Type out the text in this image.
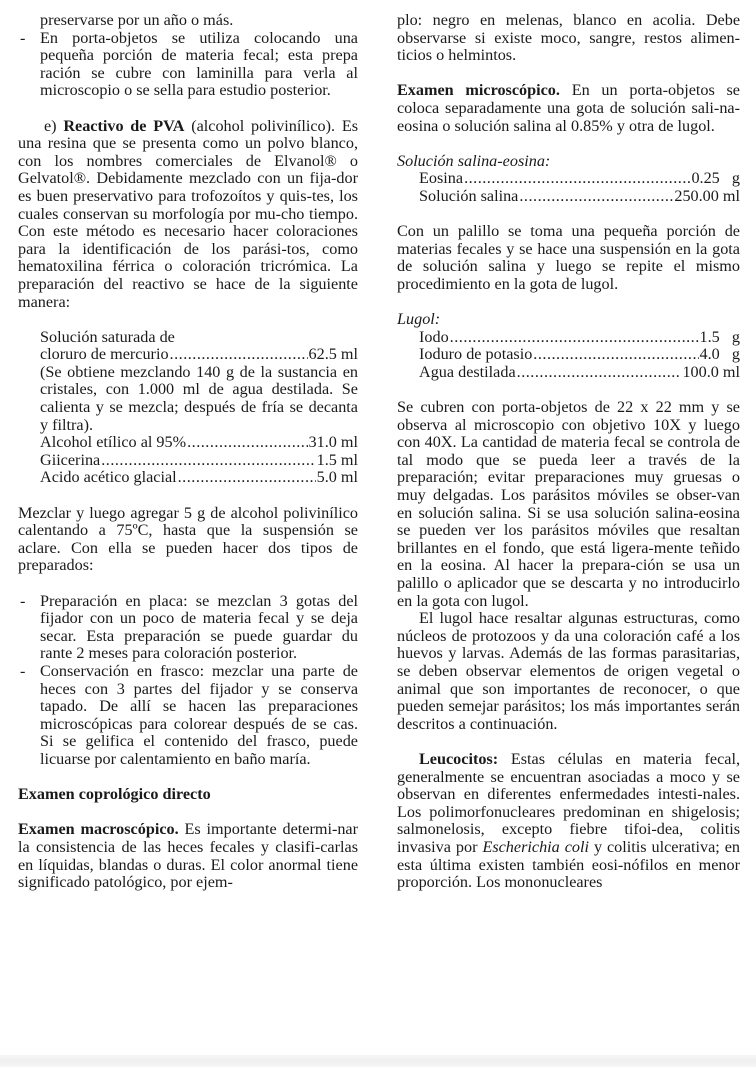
preservarse por un año o más.

- En porta-objetos se utiliza colocando una pequeña porción de materia fecal; esta prepa ración se cubre con laminilla para verla al microscopio o se sella para estudio posterior.

e) Reactivo de PVA (alcohol polivinílico). Es una resina que se presenta como un polvo blanco, con los nombres comerciales de Elvanol® o Gelvatol®. Debidamente mezclado con un fija-dor es buen preservativo para trofozoítos y quis-tes, los cuales conservan su morfología por mu-cho tiempo. Con este método es necesario hacer coloraciones para la identificación de los parási-tos, como hematoxilina férrica o coloración tricrómica. La preparación del reactivo se hace de la siguiente manera:

Solución saturada de
cloruro de mercurio .....	62.5 ml
(Se obtiene mezclando 140 g de la sustancia en cristales, con 1.000 ml de agua destilada. Se calienta y se mezcla; después de fría se decanta y filtra).
Alcohol etílico al 95% .....	31.0 ml
Giicerina .....	1.5 ml
Acido acético glacial .....	5.0 ml

Mezclar y luego agregar 5 g de alcohol polivinílico calentando a 75ºC, hasta que la suspensión se aclare. Con ella se pueden hacer dos tipos de preparados:

- Preparación en placa: se mezclan 3 gotas del fijador con un poco de materia fecal y se deja secar. Esta preparación se puede guardar du rante 2 meses para coloración posterior.
- Conservación en frasco: mezclar una parte de heces con 3 partes del fijador y se conserva tapado. De allí se hacen las preparaciones microscópicas para colorear después de se cas. Si se gelifica el contenido del frasco, puede licuarse por calentamiento en baño maría.

Examen coprológico directo

Examen macroscópico. Es importante determi-nar la consistencia de las heces fecales y clasifi-carlas en líquidas, blandas o duras. El color anormal tiene significado patológico, por ejem-

plo: negro en melenas, blanco en acolia. Debe observarse si existe moco, sangre, restos alimen-ticios o helmintos.

Examen microscópico. En un porta-objetos se coloca separadamente una gota de solución sali-na-eosina o solución salina al 0.85% y otra de lugol.

Solución salina-eosina:
Eosina .....	0.25   g
Solución salina .....	250.00 ml

Con un palillo se toma una pequeña porción de materias fecales y se hace una suspensión en la gota de solución salina y luego se repite el mismo procedimiento en la gota de lugol.

Lugol:
Iodo .....	1.5   g
Ioduro de potasio .....	4.0   g
Agua destilada .....	100.0 ml

Se cubren con porta-objetos de 22 x 22 mm y se observa al microscopio con objetivo 10X y luego con 40X. La cantidad de materia fecal se controla de tal modo que se pueda leer a través de la preparación; evitar preparaciones muy gruesas o muy delgadas. Los parásitos móviles se obser-van en solución salina. Si se usa solución salina-eosina se pueden ver los parásitos móviles que resaltan brillantes en el fondo, que está ligera-mente teñido en la eosina. Al hacer la prepara-ción se usa un palillo o aplicador que se descarta y no introducirlo en la gota con lugol.

El lugol hace resaltar algunas estructuras, como núcleos de protozoos y da una coloración café a los huevos y larvas. Además de las formas parasitarias, se deben observar elementos de origen vegetal o animal que son importantes de reconocer, o que pueden semejar parásitos; los más importantes serán descritos a continuación.

Leucocitos: Estas células en materia fecal, generalmente se encuentran asociadas a moco y se observan en diferentes enfermedades intesti-nales. Los polimorfonucleares predominan en shigelosis; salmonelosis, excepto fiebre tifoi-dea, colitis invasiva por Escherichia coli y colitis ulcerativa; en esta última existen también eosi-nófilos en menor proporción. Los mononucleares
